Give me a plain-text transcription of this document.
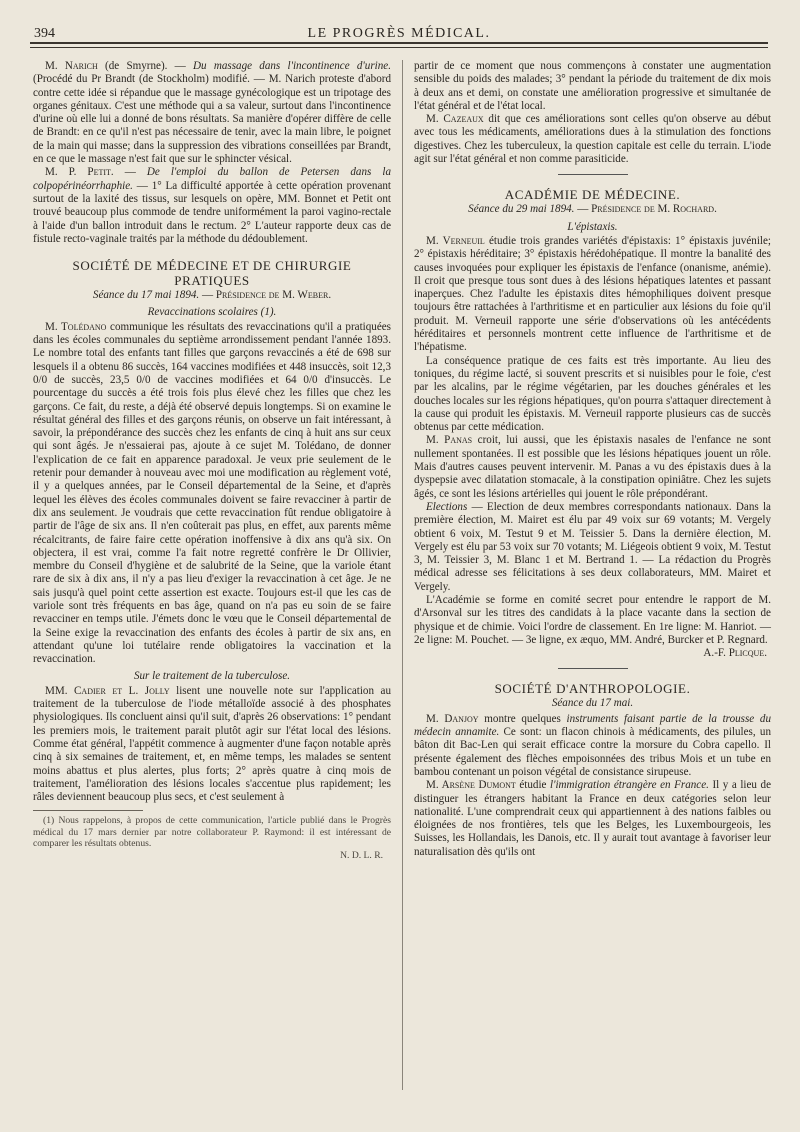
394	LE PROGRÈS MÉDICAL.

M. Narich (de Smyrne). — Du massage dans l'incontinence d'urine. (Procédé du Pr Brandt (de Stockholm) modifié. — M. Narich proteste d'abord contre cette idée si répandue que le massage gynécologique est un tripotage des organes génitaux. C'est une méthode qui a sa valeur, surtout dans l'incontinence d'urine où elle lui a donné de bons résultats. Sa manière d'opérer diffère de celle de Brandt: en ce qu'il n'est pas nécessaire de tenir, avec la main libre, le poignet de la main qui masse; dans la suppression des vibrations conseillées par Brandt, en ce que le massage n'est fait que sur le sphincter vésical.

M. P. Petit. — De l'emploi du ballon de Petersen dans la colpopérinéorrhaphie. — 1° La difficulté apportée à cette opération provenant surtout de la laxité des tissus, sur lesquels on opère, MM. Bonnet et Petit ont trouvé beaucoup plus commode de tendre uniformément la paroi vagino-rectale à l'aide d'un ballon introduit dans le rectum. 2° L'auteur rapporte deux cas de fistule recto-vaginale traités par la méthode du dédoublement.

SOCIÉTÉ DE MÉDECINE ET DE CHIRURGIE PRATIQUES
Séance du 17 mai 1894. — Présidence de M. Weber.
Revaccinations scolaires (1).

M. Tolédano communique les résultats des revaccinations qu'il a pratiquées dans les écoles communales du septième arrondissement pendant l'année 1893. Le nombre total des enfants tant filles que garçons revaccinés a été de 698 sur lesquels il a obtenu 86 succès, 164 vaccines modifiées et 448 insuccès, soit 12,3 0/0 de succès, 23,5 0/0 de vaccines modifiées et 64 0/0 d'insuccès. Le pourcentage du succès a été trois fois plus élevé chez les filles que chez les garçons. Ce fait, du reste, a déjà été observé depuis longtemps. Si on examine le résultat général des filles et des garçons réunis, on observe un fait intéressant, à savoir, la prépondérance des succès chez les enfants de cinq à huit ans sur ceux qui sont âgés. Je n'essaierai pas, ajoute à ce sujet M. Tolédano, de donner l'explication de ce fait en apparence paradoxal. Je veux prie seulement de le retenir pour demander à nouveau avec moi une modification au règlement voté, il y a quelques années, par le Conseil départemental de la Seine, et d'après lequel les élèves des écoles communales doivent se faire revacciner à partir de dix ans seulement. Je voudrais que cette revaccination fût rendue obligatoire à partir de l'âge de six ans. Il n'en coûterait pas plus, en effet, aux parents même récalcitrants, de faire faire cette opération inoffensive à dix ans qu'à six. On objectera, il est vrai, comme l'a fait notre regretté confrère le Dr Ollivier, membre du Conseil d'hygiène et de salubrité de la Seine, que la variole étant rare de six à dix ans, il n'y a pas lieu d'exiger la revaccination à cet âge. Je ne sais jusqu'à quel point cette assertion est exacte. Toujours est-il que les cas de variole sont très fréquents en bas âge, quand on n'a pas eu soin de se faire revacciner en temps utile. J'émets donc le vœu que le Conseil départemental de la Seine exige la revaccination des enfants des écoles à partir de six ans, en attendant qu'une loi tutélaire rende obligatoires la vaccination et la revaccination.

Sur le traitement de la tuberculose.

MM. Cadier et L. Jolly lisent une nouvelle note sur l'application au traitement de la tuberculose de l'iode métalloïde associé à des phosphates physiologiques. Ils concluent ainsi qu'il suit, d'après 26 observations: 1° pendant les premiers mois, le traitement parait plutôt agir sur l'état local des lésions. Comme état général, l'appétit commence à augmenter d'une façon notable après cinq à six semaines de traitement, et, en même temps, les malades se sentent moins abattus et plus alertes, plus forts; 2° après quatre à cinq mois de traitement, l'amélioration des lésions locales s'accentue plus rapidement; les râles deviennent beaucoup plus secs, et c'est seulement à

(1) Nous rappelons, à propos de cette communication, l'article publié dans le Progrès médical du 17 mars dernier par notre collaborateur P. Raymond: il est intéressant de comparer les résultats obtenus.

N. D. L. R.

partir de ce moment que nous commençons à constater une augmentation sensible du poids des malades; 3° pendant la période du traitement de dix mois à deux ans et demi, on constate une amélioration progressive et simultanée de l'état général et de l'état local.

M. Cazeaux dit que ces améliorations sont celles qu'on observe au début avec tous les médicaments, améliorations dues à la stimulation des fonctions digestives. Chez les tuberculeux, la question capitale est celle du terrain. L'iode agit sur l'état général et non comme parasiticide.

ACADÉMIE DE MÉDECINE.
Séance du 29 mai 1894. — Présidence de M. Rochard.
L'épistaxis.

M. Verneuil étudie trois grandes variétés d'épistaxis: 1° épistaxis juvénile; 2° épistaxis héréditaire; 3° épistaxis hérédohépatique. Il montre la banalité des causes invoquées pour expliquer les épistaxis de l'enfance (onanisme, anémie). Il croit que presque tous sont dues à des lésions hépatiques latentes et passant inaperçues. Chez l'adulte les épistaxis dites hémophiliques doivent presque toujours être rattachées à l'arthritisme et en particulier aux lésions du foie qu'il produit. M. Verneuil rapporte une série d'observations où les antécédents héréditaires et personnels montrent cette influence de l'arthritisme et de l'hépatisme.

La conséquence pratique de ces faits est très importante. Au lieu des toniques, du régime lacté, si souvent prescrits et si nuisibles pour le foie, c'est par les alcalins, par le régime végétarien, par les douches générales et les douches locales sur les régions hépatiques, qu'on pourra s'attaquer directement à la cause qui produit les épistaxis. M. Verneuil rapporte plusieurs cas de succès obtenus par cette médication.

M. Panas croit, lui aussi, que les épistaxis nasales de l'enfance ne sont nullement spontanées. Il est possible que les lésions hépatiques jouent un rôle. Mais d'autres causes peuvent intervenir. M. Panas a vu des épistaxis dues à la dyspepsie avec dilatation stomacale, à la constipation opiniâtre. Chez les sujets âgés, ce sont les lésions artérielles qui jouent le rôle prépondérant.

Elections — Election de deux membres correspondants nationaux. Dans la première élection, M. Mairet est élu par 49 voix sur 69 votants; M. Vergely obtient 6 voix, M. Testut 9 et M. Teissier 5. Dans la dernière élection, M. Vergely est élu par 53 voix sur 70 votants; M. Liégeois obtient 9 voix, M. Testut 3, M. Teissier 3, M. Blanc 1 et M. Bertrand 1. — La rédaction du Progrès médical adresse ses félicitations à ses deux collaborateurs, MM. Mairet et Vergely.

L'Académie se forme en comité secret pour entendre le rapport de M. d'Arsonval sur les titres des candidats à la place vacante dans la section de physique et de chimie. Voici l'ordre de classement. En 1re ligne: M. Hanriot. — 2e ligne: M. Pouchet. — 3e ligne, ex æquo, MM. André, Burcker et P. Regnard.

A.-F. Plicque.
SOCIÉTÉ D'ANTHROPOLOGIE.
Séance du 17 mai.

M. Danjoy montre quelques instruments faisant partie de la trousse du médecin annamite. Ce sont: un flacon chinois à médicaments, des pilules, un bâton dit Bac-Len qui serait efficace contre la morsure du Cobra capello. Il présente également des flèches empoisonnées des tribus Mois et un tube en bambou contenant un poison végétal de consistance sirupeuse.

M. Arsène Dumont étudie l'immigration étrangère en France. Il y a lieu de distinguer les étrangers habitant la France en deux catégories selon leur nationalité. L'une comprendrait ceux qui appartiennent à des nations faibles ou éloignées de nos frontières, tels que les Belges, les Luxembourgeois, les Suisses, les Hollandais, les Danois, etc. Il y aurait tout avantage à favoriser leur naturalisation dès qu'ils ont
